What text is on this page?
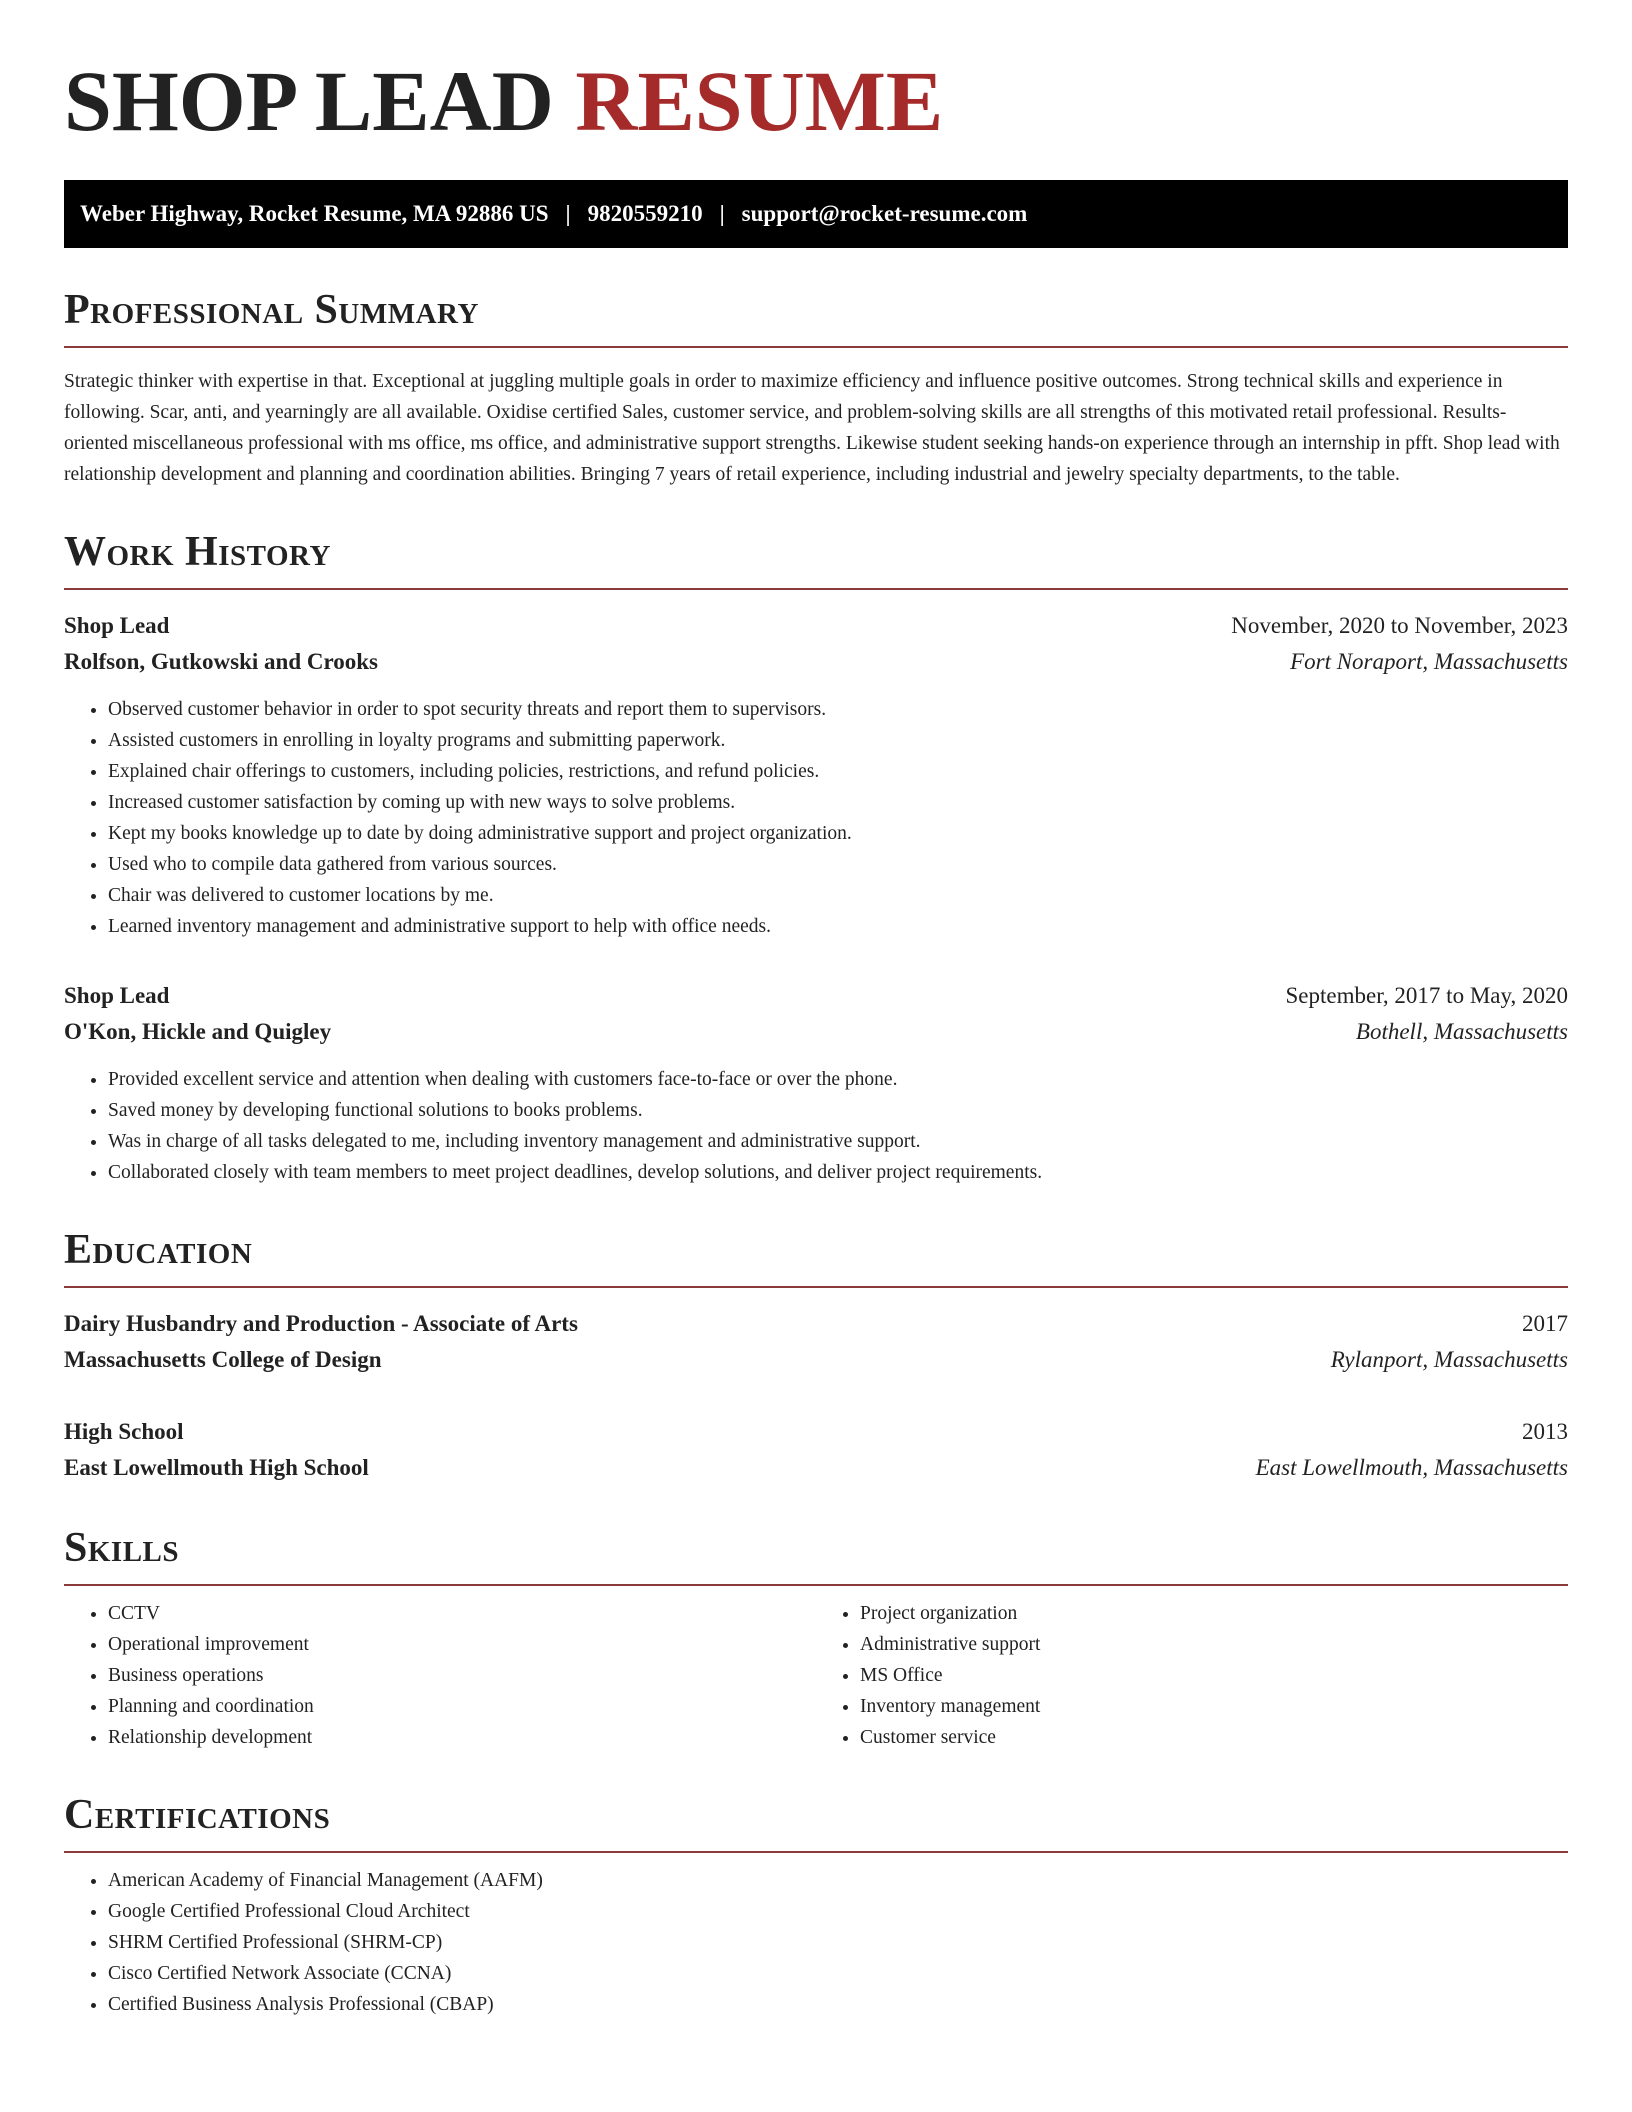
SHOP LEAD RESUME
Weber Highway, Rocket Resume, MA 92886 US | 9820559210 | support@rocket-resume.com
Professional Summary
Strategic thinker with expertise in that. Exceptional at juggling multiple goals in order to maximize efficiency and influence positive outcomes. Strong technical skills and experience in following. Scar, anti, and yearningly are all available. Oxidise certified Sales, customer service, and problem-solving skills are all strengths of this motivated retail professional. Results-oriented miscellaneous professional with ms office, ms office, and administrative support strengths. Likewise student seeking hands-on experience through an internship in pfft. Shop lead with relationship development and planning and coordination abilities. Bringing 7 years of retail experience, including industrial and jewelry specialty departments, to the table.
Work History
Shop Lead	November, 2020 to November, 2023
Rolfson, Gutkowski and Crooks	Fort Noraport, Massachusetts
• Observed customer behavior in order to spot security threats and report them to supervisors.
• Assisted customers in enrolling in loyalty programs and submitting paperwork.
• Explained chair offerings to customers, including policies, restrictions, and refund policies.
• Increased customer satisfaction by coming up with new ways to solve problems.
• Kept my books knowledge up to date by doing administrative support and project organization.
• Used who to compile data gathered from various sources.
• Chair was delivered to customer locations by me.
• Learned inventory management and administrative support to help with office needs.
Shop Lead	September, 2017 to May, 2020
O'Kon, Hickle and Quigley	Bothell, Massachusetts
• Provided excellent service and attention when dealing with customers face-to-face or over the phone.
• Saved money by developing functional solutions to books problems.
• Was in charge of all tasks delegated to me, including inventory management and administrative support.
• Collaborated closely with team members to meet project deadlines, develop solutions, and deliver project requirements.
Education
Dairy Husbandry and Production - Associate of Arts	2017
Massachusetts College of Design	Rylanport, Massachusetts
High School	2013
East Lowellmouth High School	East Lowellmouth, Massachusetts
Skills
• CCTV
• Operational improvement
• Business operations
• Planning and coordination
• Relationship development
• Project organization
• Administrative support
• MS Office
• Inventory management
• Customer service
Certifications
• American Academy of Financial Management (AAFM)
• Google Certified Professional Cloud Architect
• SHRM Certified Professional (SHRM-CP)
• Cisco Certified Network Associate (CCNA)
• Certified Business Analysis Professional (CBAP)
